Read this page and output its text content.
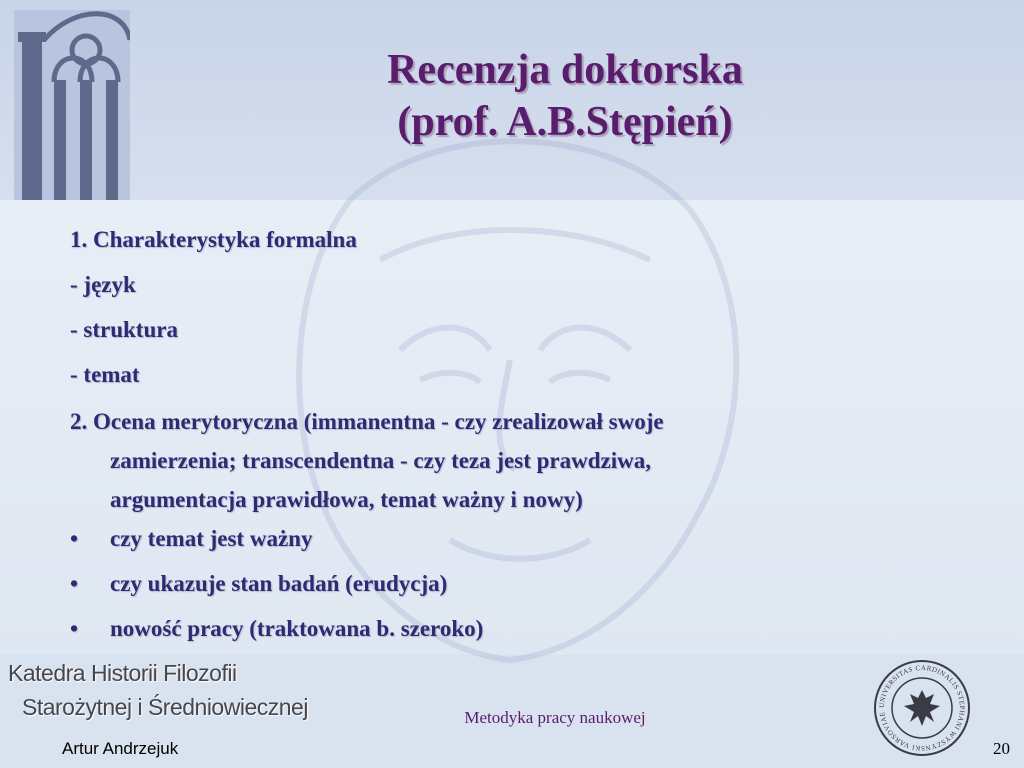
Recenzja doktorska
(prof. A.B.Stępień)
1. Charakterystyka formalna
- język
- struktura
- temat
2. Ocena merytoryczna (immanentna - czy zrealizował swoje
zamierzenia; transcendentna - czy teza jest prawdziwa,
argumentacja prawidłowa, temat ważny i nowy)
•	czy temat jest ważny
•	czy ukazuje stan badań (erudycja)
•	nowość pracy (traktowana b. szeroko)
Katedra Historii Filozofii
Starożytnej i Średniowiecznej	Metodyka pracy naukowej
Artur Andrzejuk	20
UNIVERSITAS CARDINALIS STEPHANI WYSZYNSKI VARSOVIAE
